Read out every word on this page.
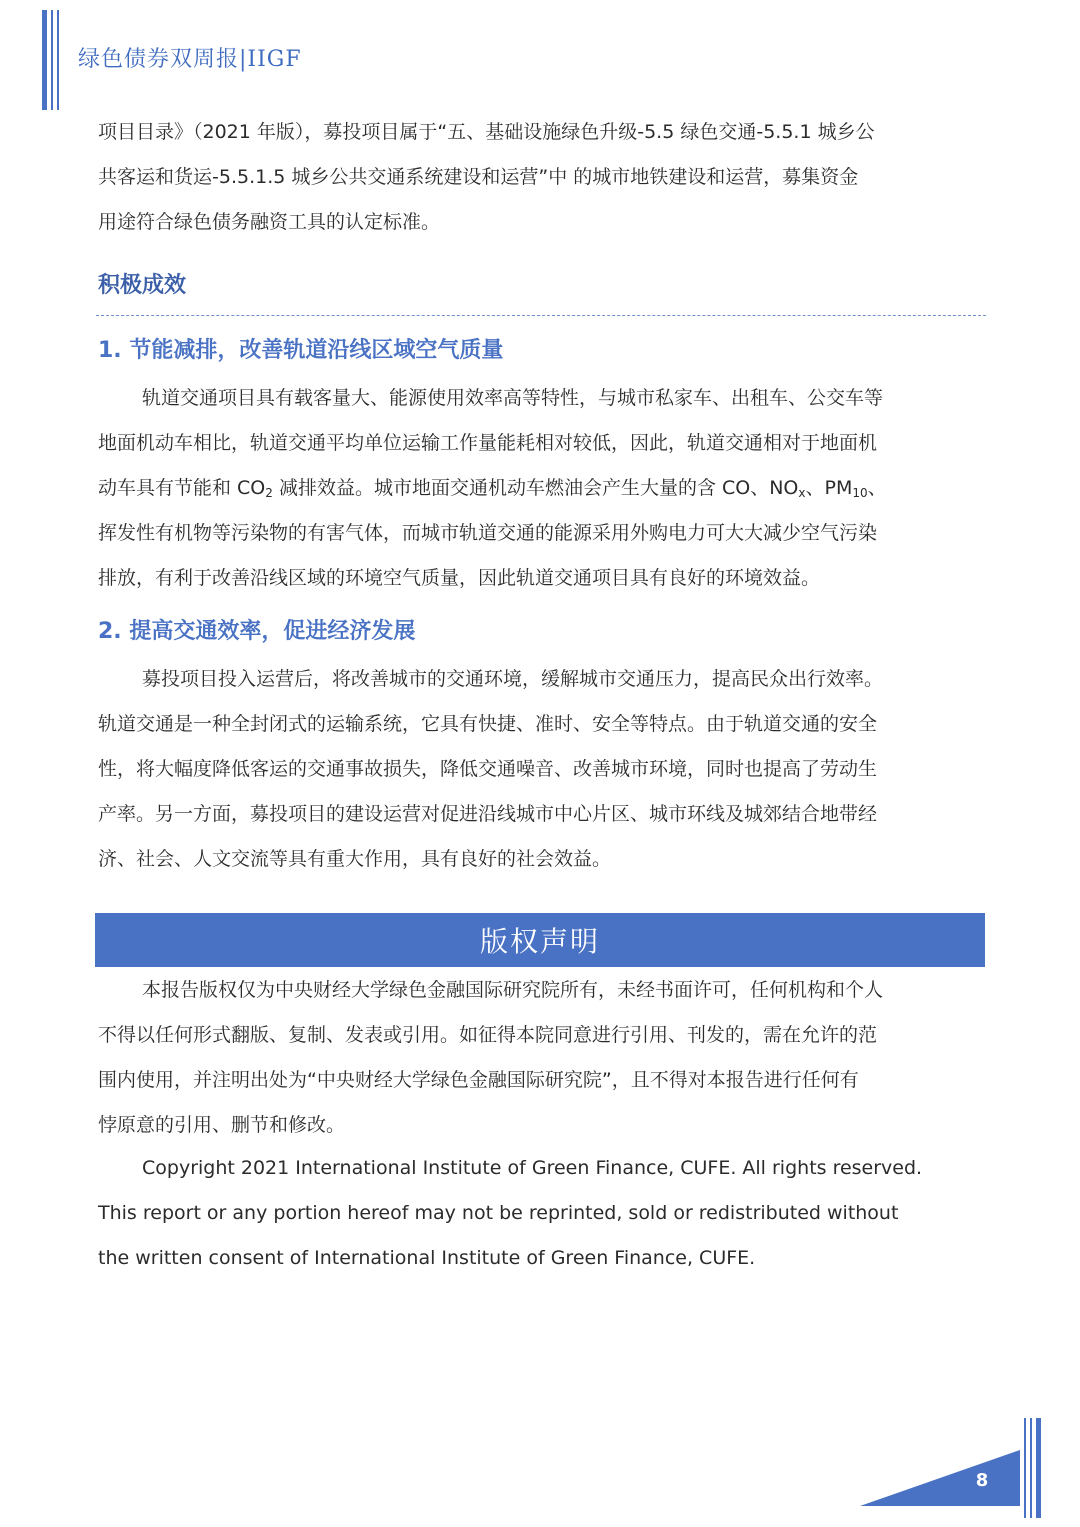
绿色债券双周报|IIGF
项目目录》（2021 年版），募投项目属于“五、基础设施绿色升级-5.5 绿色交通-5.5.1 城乡公
共客运和货运-5.5.1.5 城乡公共交通系统建设和运营”中 的城市地铁建设和运营，募集资金
用途符合绿色债务融资工具的认定标准。
积极成效
1. 节能减排，改善轨道沿线区域空气质量
轨道交通项目具有载客量大、能源使用效率高等特性，与城市私家车、出租车、公交车等
地面机动车相比，轨道交通平均单位运输工作量能耗相对较低，因此，轨道交通相对于地面机
动车具有节能和 $CO_2$ 减排效益。城市地面交通机动车燃油会产生大量的含 CO、$NO_x$、$PM_{10}$、
挥发性有机物等污染物的有害气体，而城市轨道交通的能源采用外购电力可大大减少空气污染
排放，有利于改善沿线区域的环境空气质量，因此轨道交通项目具有良好的环境效益。
2. 提高交通效率，促进经济发展
募投项目投入运营后，将改善城市的交通环境，缓解城市交通压力，提高民众出行效率。
轨道交通是一种全封闭式的运输系统，它具有快捷、准时、安全等特点。由于轨道交通的安全
性，将大幅度降低客运的交通事故损失，降低交通噪音、改善城市环境，同时也提高了劳动生
产率。另一方面，募投项目的建设运营对促进沿线城市中心片区、城市环线及城郊结合地带经
济、社会、人文交流等具有重大作用，具有良好的社会效益。
版权声明
本报告版权仅为中央财经大学绿色金融国际研究院所有，未经书面许可，任何机构和个人
不得以任何形式翻版、复制、发表或引用。如征得本院同意进行引用、刊发的，需在允许的范
围内使用，并注明出处为“中央财经大学绿色金融国际研究院”，且不得对本报告进行任何有
悖原意的引用、删节和修改。
Copyright 2021 International Institute of Green Finance, CUFE. All rights reserved.
This report or any portion hereof may not be reprinted, sold or redistributed without
the written consent of International Institute of Green Finance, CUFE.
8
